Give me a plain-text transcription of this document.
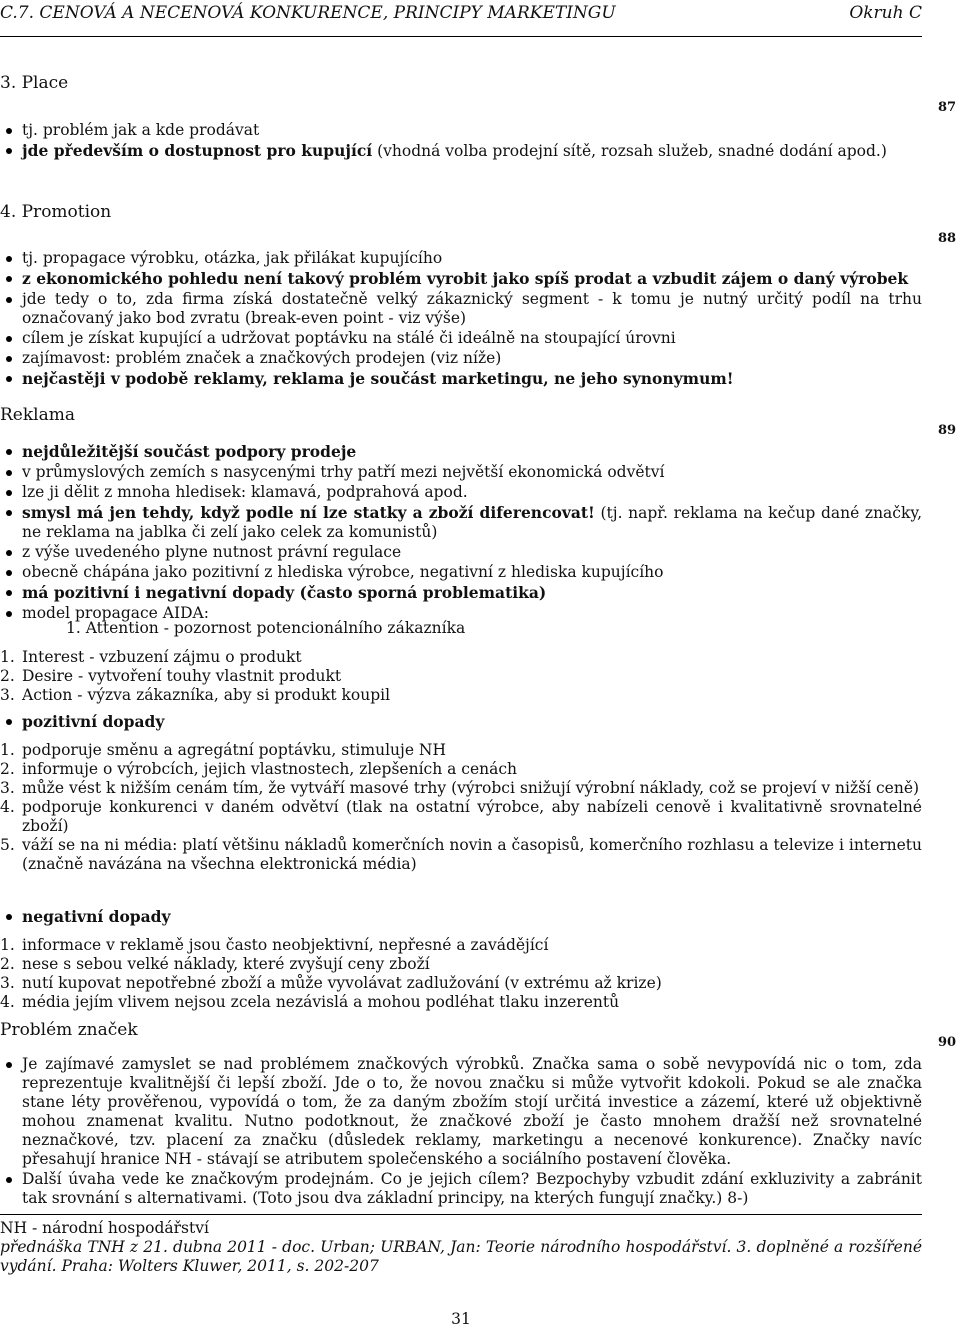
C.7. CENOVÁ A NECENOVÁ KONKURENCE, PRINCIPY MARKETINGU	Okruh C
87
88
89
90
3. Place
tj. problém jak a kde prodávat
jde především o dostupnost pro kupující (vhodná volba prodejní sítě, rozsah služeb, snadné dodání apod.)
4. Promotion
tj. propagace výrobku, otázka, jak přilákat kupujícího
z ekonomického pohledu není takový problém vyrobit jako spíš prodat a vzbudit zájem o daný výrobek
jde tedy o to, zda firma získá dostatečně velký zákaznický segment - k tomu je nutný určitý podíl na trhu označovaný jako bod zvratu (break-even point - viz výše)
cílem je získat kupující a udržovat poptávku na stálé či ideálně na stoupající úrovni
zajímavost: problém značek a značkových prodejen (viz níže)
nejčastěji v podobě reklamy, reklama je součást marketingu, ne jeho synonymum!
Reklama
nejdůležitější součást podpory prodeje
v průmyslových zemích s nasycenými trhy patří mezi největší ekonomická odvětví
lze ji dělit z mnoha hledisek: klamavá, podprahová apod.
smysl má jen tehdy, když podle ní lze statky a zboží diferencovat! (tj. např. reklama na kečup dané značky, ne reklama na jablka či zelí jako celek za komunistů)
z výše uvedeného plyne nutnost právní regulace
obecně chápána jako pozitivní z hlediska výrobce, negativní z hlediska kupujícího
má pozitivní i negativní dopady (často sporná problematika)
model propagace AIDA:
1. Attention - pozornost potencionálního zákazníka
1. Interest - vzbuzení zájmu o produkt
2. Desire - vytvoření touhy vlastnit produkt
3. Action - výzva zákazníka, aby si produkt koupil
pozitivní dopady
1. podporuje směnu a agregátní poptávku, stimuluje NH
2. informuje o výrobcích, jejich vlastnostech, zlepšeních a cenách
3. může vést k nižším cenám tím, že vytváří masové trhy (výrobci snižují výrobní náklady, což se projeví v nižší ceně)
4. podporuje konkurenci v daném odvětví (tlak na ostatní výrobce, aby nabízeli cenově i kvalitativně srovnatelné zboží)
5. váží se na ni média: platí většinu nákladů komerčních novin a časopisů, komerčního rozhlasu a televize i internetu (značně navázána na všechna elektronická média)
negativní dopady
1. informace v reklamě jsou často neobjektivní, nepřesné a zavádějící
2. nese s sebou velké náklady, které zvyšují ceny zboží
3. nutí kupovat nepotřebné zboží a může vyvolávat zadlužování (v extrému až krize)
4. média jejím vlivem nejsou zcela nezávislá a mohou podléhat tlaku inzerentů
Problém značek
Je zajímavé zamyslet se nad problémem značkových výrobků. Značka sama o sobě nevypovídá nic o tom, zda reprezentuje kvalitnější či lepší zboží. Jde o to, že novou značku si může vytvořit kdokoli. Pokud se ale značka stane léty prověřenou, vypovídá o tom, že za daným zbožím stojí určitá investice a zázemí, které už objektivně mohou znamenat kvalitu. Nutno podotknout, že značkové zboží je často mnohem dražší než srovnatelné neznačkové, tzv. placení za značku (důsledek reklamy, marketingu a necenové konkurence). Značky navíc přesahují hranice NH - stávají se atributem společenského a sociálního postavení člověka.
Další úvaha vede ke značkovým prodejnám. Co je jejich cílem? Bezpochyby vzbudit zdání exkluzivity a zabránit tak srovnání s alternativami. (Toto jsou dva základní principy, na kterých fungují značky.) 8-)
NH - národní hospodářství
přednáška TNH z 21. dubna 2011 - doc. Urban; URBAN, Jan: Teorie národního hospodářství. 3. doplněné a rozšířené vydání. Praha: Wolters Kluwer, 2011, s. 202-207
31
